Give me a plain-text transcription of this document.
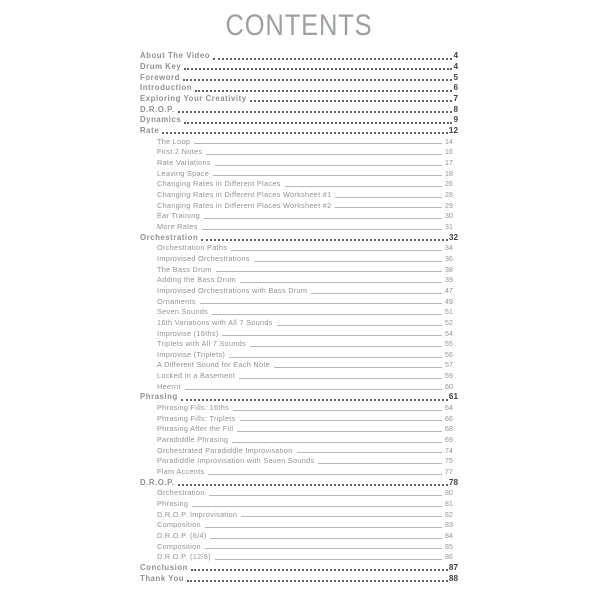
CONTENTS
About The Video	4
Drum Key	4
Foreword	5
Introduction	6
Exploring Your Creativity	7
D.R.O.P.	8
Dynamics	9
Rate	12
The Loop	14
First 2 Notes	16
Rate Variations	17
Leaving Space	18
Changing Rates in Different Places	26
Changing Rates in Different Places Worksheet #1	28
Changing Rates in Different Places Worksheet #2	29
Ear Training	30
More Rates	31
Orchestration	32
Orchestration Paths	34
Improvised Orchestrations	36
The Bass Drum	38
Adding the Bass Drum	39
Improvised Orchestrations with Bass Drum	47
Ornaments	49
Seven Sounds	51
16th Variations with All 7 Sounds	52
Improvise (16ths)	54
Triplets with All 7 Sounds	55
Improvise (Triplets)	56
A Different Sound for Each Note	57
Locked in a Basement	59
Heernt	60
Phrasing	61
Phrasing Fills: 16ths	64
Phrasing Fills: Triplets	66
Phrasing After the Fill	68
Paradiddle Phrasing	69
Orchestrated Paradiddle Improvisation	74
Paradiddle Improvisation with Seven Sounds	75
Flam Accents	77
D.R.O.P.	78
Orchestration	80
Phrasing	81
D.R.O.P. Improvisation	82
Composition	83
D.R.O.P. (6/4)	84
Composition	85
D.R.O.P. (12/8)	86
Conclusion	87
Thank You	88
